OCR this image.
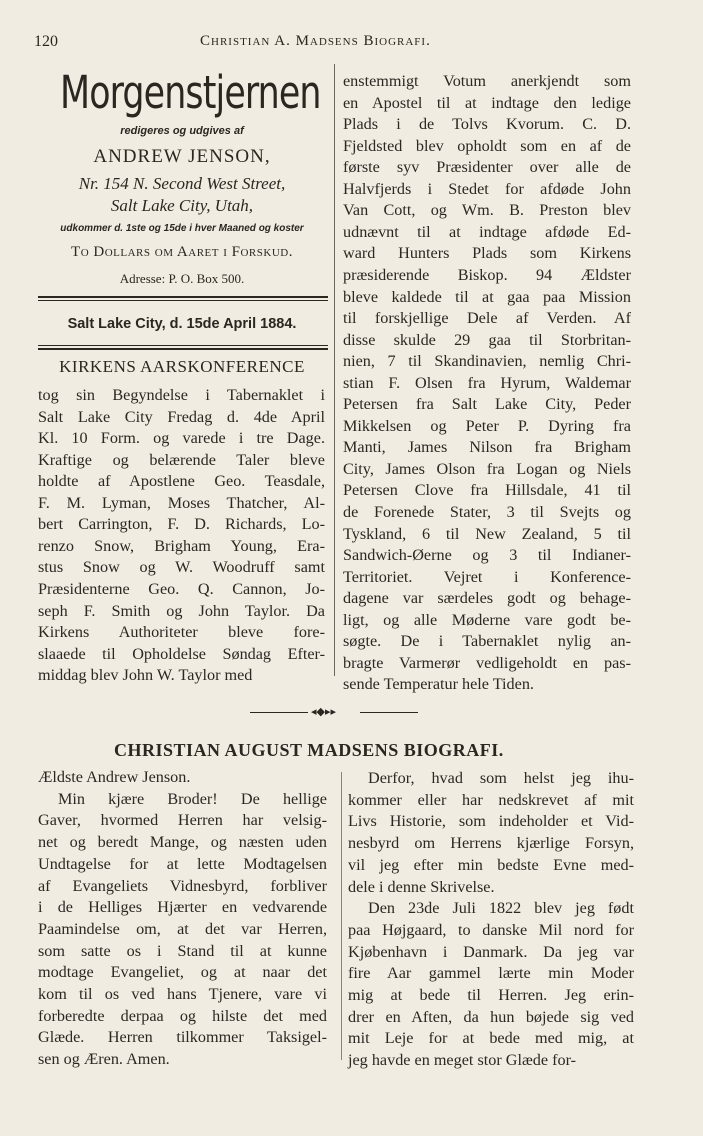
120	Christian A. Madsens Biografi.
Morgenstjernen
redigeres og udgives af
ANDREW JENSON,
Nr. 154 N. Second West Street,
Salt Lake City, Utah,
udkommer d. 1ste og 15de i hver Maaned og koster
To Dollars om Aaret i Forskud.
Adresse: P. O. Box 500.
Salt Lake City, d. 15de April 1884.
KIRKENS AARSKONFERENCE
tog sin Begyndelse i Tabernaklet i
Salt Lake City Fredag d. 4de April
Kl. 10 Form. og varede i tre Dage.
Kraftige og belærende Taler bleve
holdte af Apostlene Geo. Teasdale,
F. M. Lyman, Moses Thatcher, Al-
bert Carrington, F. D. Richards, Lo-
renzo Snow, Brigham Young, Era-
stus Snow og W. Woodruff samt
Præsidenterne Geo. Q. Cannon, Jo-
seph F. Smith og John Taylor. Da
Kirkens Authoriteter bleve fore-
slaaede til Opholdelse Søndag Efter-
middag blev John W. Taylor med
enstemmigt Votum anerkjendt som
en Apostel til at indtage den ledige
Plads i de Tolvs Kvorum. C. D.
Fjeldsted blev opholdt som en af de
første syv Præsidenter over alle de
Halvfjerds i Stedet for afdøde John
Van Cott, og Wm. B. Preston blev
udnævnt til at indtage afdøde Ed-
ward Hunters Plads som Kirkens
præsiderende Biskop. 94 Ældster
bleve kaldede til at gaa paa Mission
til forskjellige Dele af Verden. Af
disse skulde 29 gaa til Storbritan-
nien, 7 til Skandinavien, nemlig Chri-
stian F. Olsen fra Hyrum, Waldemar
Petersen fra Salt Lake City, Peder
Mikkelsen og Peter P. Dyring fra
Manti, James Nilson fra Brigham
City, James Olson fra Logan og Niels
Petersen Clove fra Hillsdale, 41 til
de Forenede Stater, 3 til Svejts og
Tyskland, 6 til New Zealand, 5 til
Sandwich-Øerne og 3 til Indianer-
Territoriet. Vejret i Konference-
dagene var særdeles godt og behage-
ligt, og alle Møderne vare godt be-
søgte. De i Tabernaklet nylig an-
bragte Varmerør vedligeholdt en pas-
sende Temperatur hele Tiden.
◂◆▸▸
CHRISTIAN AUGUST MADSENS BIOGRAFI.
Ældste Andrew Jenson.
Min kjære Broder! De hellige
Gaver, hvormed Herren har velsig-
net og beredt Mange, og næsten uden
Undtagelse for at lette Modtagelsen
af Evangeliets Vidnesbyrd, forbliver
i de Helliges Hjærter en vedvarende
Paamindelse om, at det var Herren,
som satte os i Stand til at kunne
modtage Evangeliet, og at naar det
kom til os ved hans Tjenere, vare vi
forberedte derpaa og hilste det med
Glæde. Herren tilkommer Taksigel-
sen og Æren. Amen.
Derfor, hvad som helst jeg ihu-
kommer eller har nedskrevet af mit
Livs Historie, som indeholder et Vid-
nesbyrd om Herrens kjærlige Forsyn,
vil jeg efter min bedste Evne med-
dele i denne Skrivelse.
Den 23de Juli 1822 blev jeg født
paa Højgaard, to danske Mil nord for
Kjøbenhavn i Danmark. Da jeg var
fire Aar gammel lærte min Moder
mig at bede til Herren. Jeg erin-
drer en Aften, da hun bøjede sig ved
mit Leje for at bede med mig, at
jeg havde en meget stor Glæde for-
